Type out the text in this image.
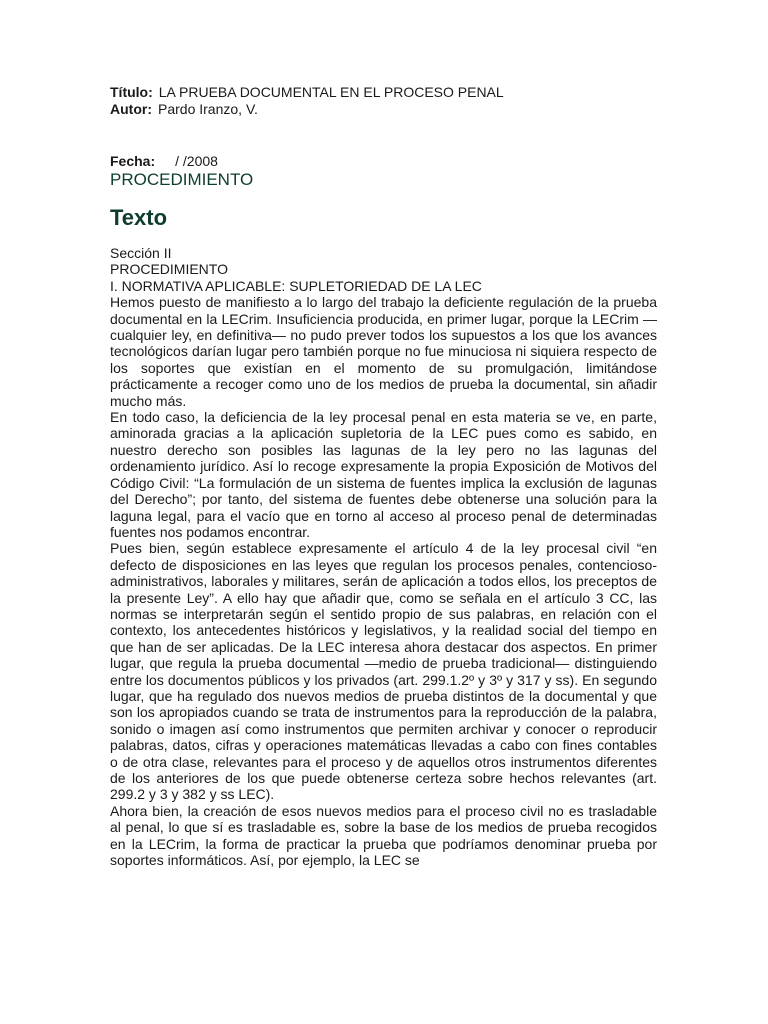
Título: LA PRUEBA DOCUMENTAL EN EL PROCESO PENAL

Autor: Pardo Iranzo, V.

Fecha: / /2008

PROCEDIMIENTO

Texto

Sección II

PROCEDIMIENTO

I. NORMATIVA APLICABLE: SUPLETORIEDAD DE LA LEC

Hemos puesto de manifiesto a lo largo del trabajo la deficiente regulación de la prueba documental en la LECrim. Insuficiencia producida, en primer lugar, porque la LECrim —cualquier ley, en definitiva— no pudo prever todos los supuestos a los que los avances tecnológicos darían lugar pero también porque no fue minuciosa ni siquiera respecto de los soportes que existían en el momento de su promulgación, limitándose prácticamente a recoger como uno de los medios de prueba la documental, sin añadir mucho más.

En todo caso, la deficiencia de la ley procesal penal en esta materia se ve, en parte, aminorada gracias a la aplicación supletoria de la LEC pues como es sabido, en nuestro derecho son posibles las lagunas de la ley pero no las lagunas del ordenamiento jurídico. Así lo recoge expresamente la propia Exposición de Motivos del Código Civil: “La formulación de un sistema de fuentes implica la exclusión de lagunas del Derecho”; por tanto, del sistema de fuentes debe obtenerse una solución para la laguna legal, para el vacío que en torno al acceso al proceso penal de determinadas fuentes nos podamos encontrar.

Pues bien, según establece expresamente el artículo 4 de la ley procesal civil “en defecto de disposiciones en las leyes que regulan los procesos penales, contencioso-administrativos, laborales y militares, serán de aplicación a todos ellos, los preceptos de la presente Ley”. A ello hay que añadir que, como se señala en el artículo 3 CC, las normas se interpretarán según el sentido propio de sus palabras, en relación con el contexto, los antecedentes históricos y legislativos, y la realidad social del tiempo en que han de ser aplicadas. De la LEC interesa ahora destacar dos aspectos. En primer lugar, que regula la prueba documental —medio de prueba tradicional— distinguiendo entre los documentos públicos y los privados (art. 299.1.2º y 3º y 317 y ss). En segundo lugar, que ha regulado dos nuevos medios de prueba distintos de la documental y que son los apropiados cuando se trata de instrumentos para la reproducción de la palabra, sonido o imagen así como instrumentos que permiten archivar y conocer o reproducir palabras, datos, cifras y operaciones matemáticas llevadas a cabo con fines contables o de otra clase, relevantes para el proceso y de aquellos otros instrumentos diferentes de los anteriores de los que puede obtenerse certeza sobre hechos relevantes (art. 299.2 y 3 y 382 y ss LEC).

Ahora bien, la creación de esos nuevos medios para el proceso civil no es trasladable al penal, lo que sí es trasladable es, sobre la base de los medios de prueba recogidos en la LECrim, la forma de practicar la prueba que podríamos denominar prueba por soportes informáticos. Así, por ejemplo, la LEC se
